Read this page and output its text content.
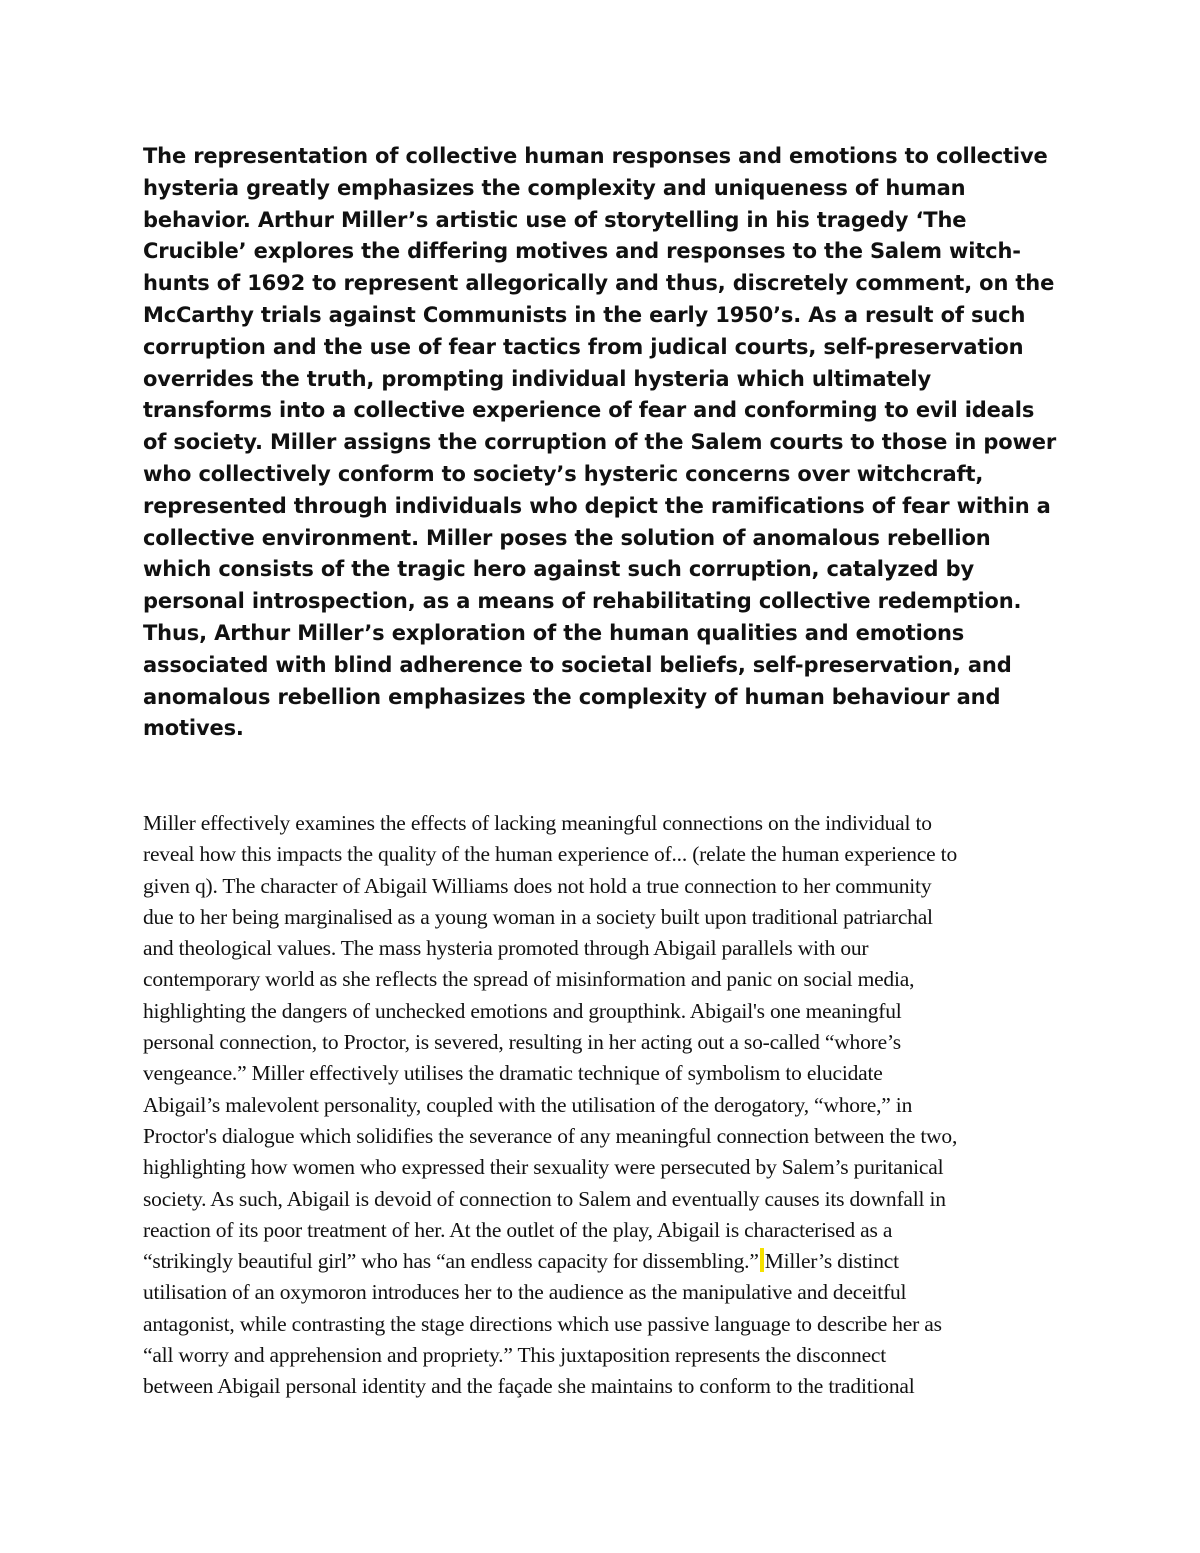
The representation of collective human responses and emotions to collective
hysteria greatly emphasizes the complexity and uniqueness of human
behavior. Arthur Miller’s artistic use of storytelling in his tragedy ‘The
Crucible’ explores the differing motives and responses to the Salem witch-
hunts of 1692 to represent allegorically and thus, discretely comment, on the
McCarthy trials against Communists in the early 1950’s. As a result of such
corruption and the use of fear tactics from judical courts, self-preservation
overrides the truth, prompting individual hysteria which ultimately
transforms into a collective experience of fear and conforming to evil ideals
of society. Miller assigns the corruption of the Salem courts to those in power
who collectively conform to society’s hysteric concerns over witchcraft,
represented through individuals who depict the ramifications of fear within a
collective environment. Miller poses the solution of anomalous rebellion
which consists of the tragic hero against such corruption, catalyzed by
personal introspection, as a means of rehabilitating collective redemption.
Thus, Arthur Miller’s exploration of the human qualities and emotions
associated with blind adherence to societal beliefs, self-preservation, and
anomalous rebellion emphasizes the complexity of human behaviour and
motives.

Miller effectively examines the effects of lacking meaningful connections on the individual to
reveal how this impacts the quality of the human experience of... (relate the human experience to
given q). The character of Abigail Williams does not hold a true connection to her community
due to her being marginalised as a young woman in a society built upon traditional patriarchal
and theological values. The mass hysteria promoted through Abigail parallels with our
contemporary world as she reflects the spread of misinformation and panic on social media,
highlighting the dangers of unchecked emotions and groupthink. Abigail's one meaningful
personal connection, to Proctor, is severed, resulting in her acting out a so-called “whore’s
vengeance.” Miller effectively utilises the dramatic technique of symbolism to elucidate
Abigail’s malevolent personality, coupled with the utilisation of the derogatory, “whore,” in
Proctor's dialogue which solidifies the severance of any meaningful connection between the two,
highlighting how women who expressed their sexuality were persecuted by Salem’s puritanical
society. As such, Abigail is devoid of connection to Salem and eventually causes its downfall in
reaction of its poor treatment of her. At the outlet of the play, Abigail is characterised as a
“strikingly beautiful girl” who has “an endless capacity for dissembling.” Miller’s distinct
utilisation of an oxymoron introduces her to the audience as the manipulative and deceitful
antagonist, while contrasting the stage directions which use passive language to describe her as
“all worry and apprehension and propriety.” This juxtaposition represents the disconnect
between Abigail personal identity and the façade she maintains to conform to the traditional
